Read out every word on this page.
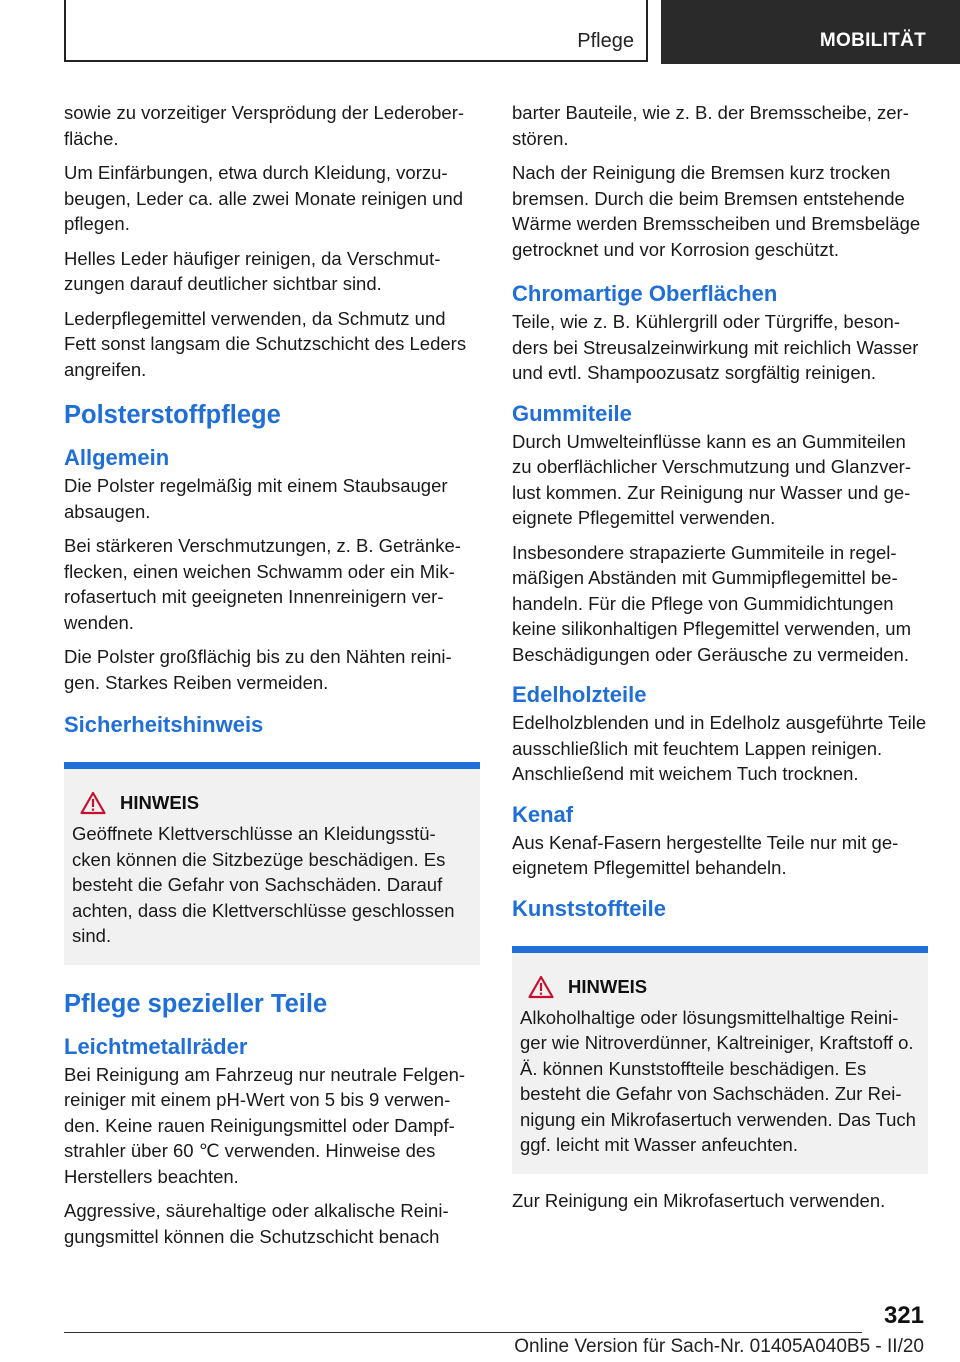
Pflege	MOBILITÄT

sowie zu vorzeitiger Versprödung der Lederoberfläche.

Um Einfärbungen, etwa durch Kleidung, vorzubeugen, Leder ca. alle zwei Monate reinigen und pflegen.

Helles Leder häufiger reinigen, da Verschmutzungen darauf deutlicher sichtbar sind.

Lederpflegemittel verwenden, da Schmutz und Fett sonst langsam die Schutzschicht des Leders angreifen.

Polsterstoffpflege
Allgemein

Die Polster regelmäßig mit einem Staubsauger absaugen.

Bei stärkeren Verschmutzungen, z. B. Getränkeflecken, einen weichen Schwamm oder ein Mikrofasertuch mit geeigneten Innenreinigern verwenden.

Die Polster großflächig bis zu den Nähten reinigen. Starkes Reiben vermeiden.

Sicherheitshinweis
HINWEIS

Geöffnete Klettverschlüsse an Kleidungsstücken können die Sitzbezüge beschädigen. Es besteht die Gefahr von Sachschäden. Darauf achten, dass die Klettverschlüsse geschlossen sind.

Pflege spezieller Teile
Leichtmetallräder

Bei Reinigung am Fahrzeug nur neutrale Felgenreiniger mit einem pH-Wert von 5 bis 9 verwenden. Keine rauen Reinigungsmittel oder Dampfstrahler über 60 ℃ verwenden. Hinweise des Herstellers beachten.

Aggressive, säurehaltige oder alkalische Reinigungsmittel können die Schutzschicht benach

barter Bauteile, wie z. B. der Bremsscheibe, zerstören.

Nach der Reinigung die Bremsen kurz trocken bremsen. Durch die beim Bremsen entstehende Wärme werden Bremsscheiben und Bremsbeläge getrocknet und vor Korrosion geschützt.

Chromartige Oberflächen

Teile, wie z. B. Kühlergrill oder Türgriffe, besonders bei Streusalzeinwirkung mit reichlich Wasser und evtl. Shampoozusatz sorgfältig reinigen.

Gummiteile

Durch Umwelteinflüsse kann es an Gummiteilen zu oberflächlicher Verschmutzung und Glanzverlust kommen. Zur Reinigung nur Wasser und geeignete Pflegemittel verwenden.

Insbesondere strapazierte Gummiteile in regelmäßigen Abständen mit Gummipflegemittel behandeln. Für die Pflege von Gummidichtungen keine silikonhaltigen Pflegemittel verwenden, um Beschädigungen oder Geräusche zu vermeiden.

Edelholzteile

Edelholzblenden und in Edelholz ausgeführte Teile ausschließlich mit feuchtem Lappen reinigen. Anschließend mit weichem Tuch trocknen.

Kenaf

Aus Kenaf-Fasern hergestellte Teile nur mit geeignetem Pflegemittel behandeln.

Kunststoffteile
HINWEIS

Alkoholhaltige oder lösungsmittelhaltige Reiniger wie Nitroverdünner, Kaltreiniger, Kraftstoff o. Ä. können Kunststoffteile beschädigen. Es besteht die Gefahr von Sachschäden. Zur Reinigung ein Mikrofasertuch verwenden. Das Tuch ggf. leicht mit Wasser anfeuchten.

Zur Reinigung ein Mikrofasertuch verwenden.

321
Online Version für Sach-Nr. 01405A040B5 - II/20
